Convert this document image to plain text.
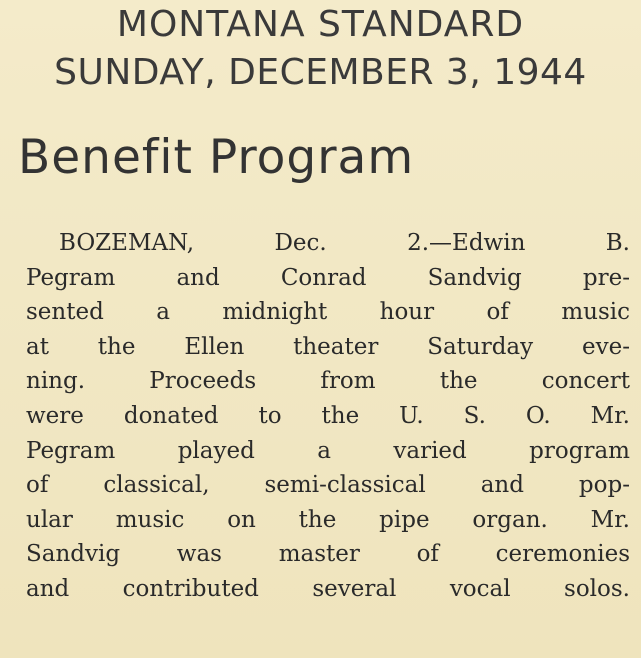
MONTANA STANDARD
SUNDAY, DECEMBER 3, 1944
Benefit Program
BOZEMAN, Dec. 2.—Edwin B.
Pegram and Conrad Sandvig pre-
sented a midnight hour of music
at the Ellen theater Saturday eve-
ning. Proceeds from the concert
were donated to the U. S. O. Mr.
Pegram played a varied program
of classical, semi-classical and pop-
ular music on the pipe organ. Mr.
Sandvig was master of ceremonies
and contributed several vocal solos.
